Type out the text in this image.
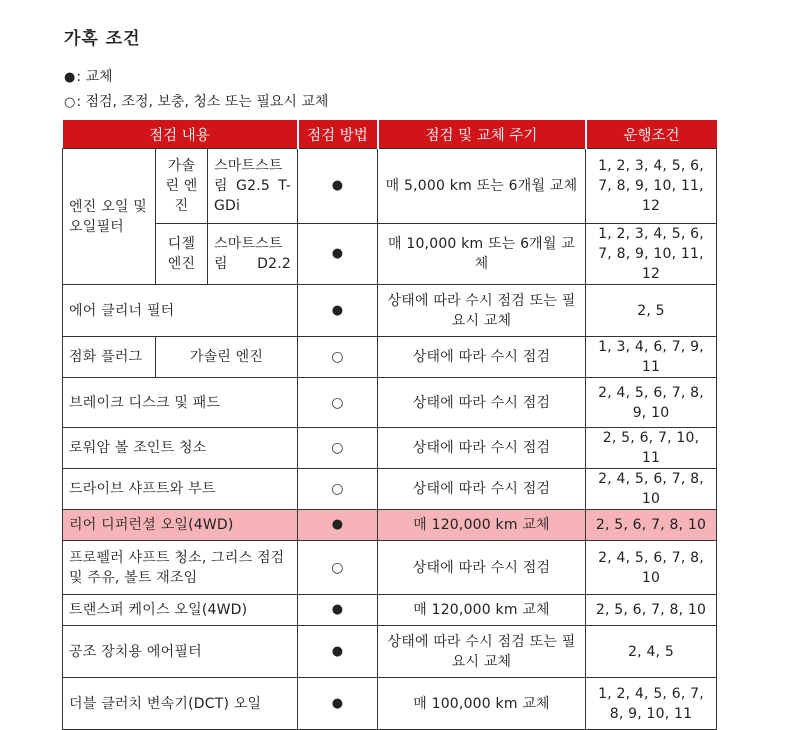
가혹 조건
●: 교체
○: 점검, 조정, 보충, 청소 또는 필요시 교체
점검 내용			점검 방법	점검 및 교체 주기	운행조건
엔진 오일 및 오일필터	가솔린 엔진	스마트스트림 G2.5 T-GDi	●	매 5,000 km 또는 6개월 교체	1, 2, 3, 4, 5, 6, 7, 8, 9, 10, 11, 12
	디젤 엔진	스마트스트림 D2.2	●	매 10,000 km 또는 6개월 교체	1, 2, 3, 4, 5, 6, 7, 8, 9, 10, 11, 12
에어 클리너 필터			●	상태에 따라 수시 점검 또는 필요시 교체	2, 5
점화 플러그	가솔린 엔진		○	상태에 따라 수시 점검	1, 3, 4, 6, 7, 9, 11
브레이크 디스크 및 패드			○	상태에 따라 수시 점검	2, 4, 5, 6, 7, 8, 9, 10
로워암 볼 조인트 청소			○	상태에 따라 수시 점검	2, 5, 6, 7, 10, 11
드라이브 샤프트와 부트			○	상태에 따라 수시 점검	2, 4, 5, 6, 7, 8, 10
리어 디퍼런셜 오일(4WD)			●	매 120,000 km 교체	2, 5, 6, 7, 8, 10
프로펠러 샤프트 청소, 그리스 점검 및 주유, 볼트 재조임			○	상태에 따라 수시 점검	2, 4, 5, 6, 7, 8, 10
트랜스퍼 케이스 오일(4WD)			●	매 120,000 km 교체	2, 5, 6, 7, 8, 10
공조 장치용 에어필터			●	상태에 따라 수시 점검 또는 필요시 교체	2, 4, 5
더블 클러치 변속기(DCT) 오일			●	매 100,000 km 교체	1, 2, 4, 5, 6, 7, 8, 9, 10, 11
